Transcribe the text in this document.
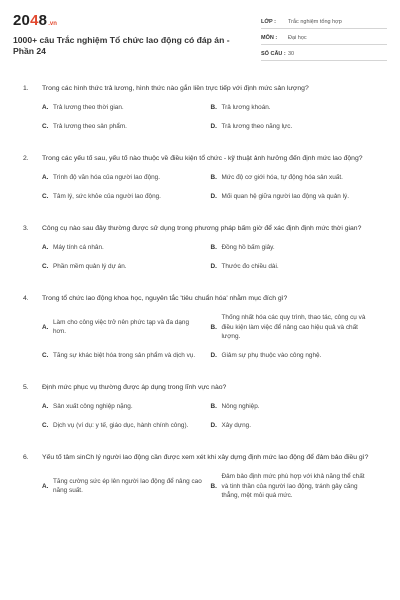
2048 .vn
1000+ câu Trắc nghiệm Tổ chức lao động có đáp án - Phần 24
LỚP :	Trắc nghiệm tổng hợp
MÔN :	Đại học
SỐ CÂU : 30
1.	Trong các hình thức trả lương, hình thức nào gắn liền trực tiếp với định mức sản lượng?
A. Trả lương theo thời gian.	B. Trả lương khoán.
C. Trả lương theo sản phẩm.	D. Trả lương theo năng lực.
2.	Trong các yếu tố sau, yếu tố nào thuộc về điều kiện tổ chức - kỹ thuật ảnh hưởng đến định mức lao động?
A. Trình độ văn hóa của người lao động.	B. Mức độ cơ giới hóa, tự động hóa sản xuất.
C. Tâm lý, sức khỏe của người lao động.	D. Mối quan hệ giữa người lao động và quản lý.
3.	Công cụ nào sau đây thường được sử dụng trong phương pháp bấm giờ để xác định định mức thời gian?
A. Máy tính cá nhân.	B. Đồng hồ bấm giây.
C. Phần mềm quản lý dự án.	D. Thước đo chiều dài.
4.	Trong tổ chức lao động khoa học, nguyên tắc 'tiêu chuẩn hóa' nhằm mục đích gì?
A.
Làm cho công việc trở nên phức tạp và đa dạng hơn.
B.
Thống nhất hóa các quy trình, thao tác, công cụ và điều kiện làm việc để nâng cao hiệu quả và chất lượng.
C. Tăng sự khác biệt hóa trong sản phẩm và dịch vụ.	D. Giảm sự phụ thuộc vào công nghệ.
5.	Định mức phục vụ thường được áp dụng trong lĩnh vực nào?
A. Sản xuất công nghiệp nặng.	B. Nông nghiệp.
C. Dịch vụ (ví dụ: y tế, giáo dục, hành chính công).	D. Xây dựng.
6.	Yếu tố tâm sinCh lý người lao động cần được xem xét khi xây dựng định mức lao động để đảm bảo điều gì?
A.
Tăng cường sức ép lên người lao động để nâng cao năng suất.
B.
Đảm bảo định mức phù hợp với khả năng thể chất và tinh thần của người lao động, tránh gây căng thẳng, mệt mỏi quá mức.
